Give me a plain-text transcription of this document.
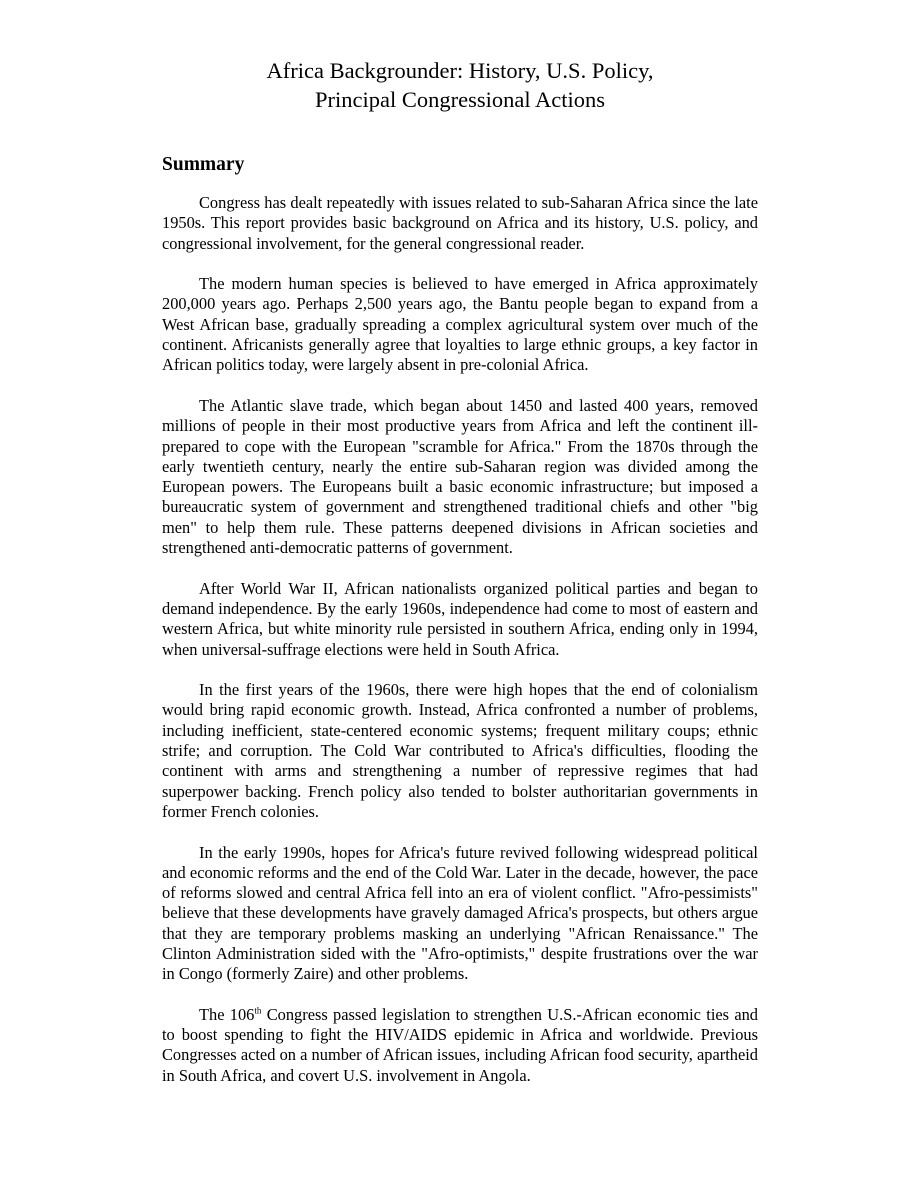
Africa Backgrounder: History, U.S. Policy,
Principal Congressional Actions
Summary

Congress has dealt repeatedly with issues related to sub-Saharan Africa since the late 1950s. This report provides basic background on Africa and its history, U.S. policy, and congressional involvement, for the general congressional reader.

The modern human species is believed to have emerged in Africa approximately 200,000 years ago. Perhaps 2,500 years ago, the Bantu people began to expand from a West African base, gradually spreading a complex agricultural system over much of the continent. Africanists generally agree that loyalties to large ethnic groups, a key factor in African politics today, were largely absent in pre-colonial Africa.

The Atlantic slave trade, which began about 1450 and lasted 400 years, removed millions of people in their most productive years from Africa and left the continent ill-prepared to cope with the European "scramble for Africa." From the 1870s through the early twentieth century, nearly the entire sub-Saharan region was divided among the European powers. The Europeans built a basic economic infrastructure; but imposed a bureaucratic system of government and strengthened traditional chiefs and other "big men" to help them rule. These patterns deepened divisions in African societies and strengthened anti-democratic patterns of government.

After World War II, African nationalists organized political parties and began to demand independence. By the early 1960s, independence had come to most of eastern and western Africa, but white minority rule persisted in southern Africa, ending only in 1994, when universal-suffrage elections were held in South Africa.

In the first years of the 1960s, there were high hopes that the end of colonialism would bring rapid economic growth. Instead, Africa confronted a number of problems, including inefficient, state-centered economic systems; frequent military coups; ethnic strife; and corruption. The Cold War contributed to Africa's difficulties, flooding the continent with arms and strengthening a number of repressive regimes that had superpower backing. French policy also tended to bolster authoritarian governments in former French colonies.

In the early 1990s, hopes for Africa's future revived following widespread political and economic reforms and the end of the Cold War. Later in the decade, however, the pace of reforms slowed and central Africa fell into an era of violent conflict. "Afro-pessimists" believe that these developments have gravely damaged Africa's prospects, but others argue that they are temporary problems masking an underlying "African Renaissance." The Clinton Administration sided with the "Afro-optimists," despite frustrations over the war in Congo (formerly Zaire) and other problems.

The 106th Congress passed legislation to strengthen U.S.-African economic ties and to boost spending to fight the HIV/AIDS epidemic in Africa and worldwide. Previous Congresses acted on a number of African issues, including African food security, apartheid in South Africa, and covert U.S. involvement in Angola.
